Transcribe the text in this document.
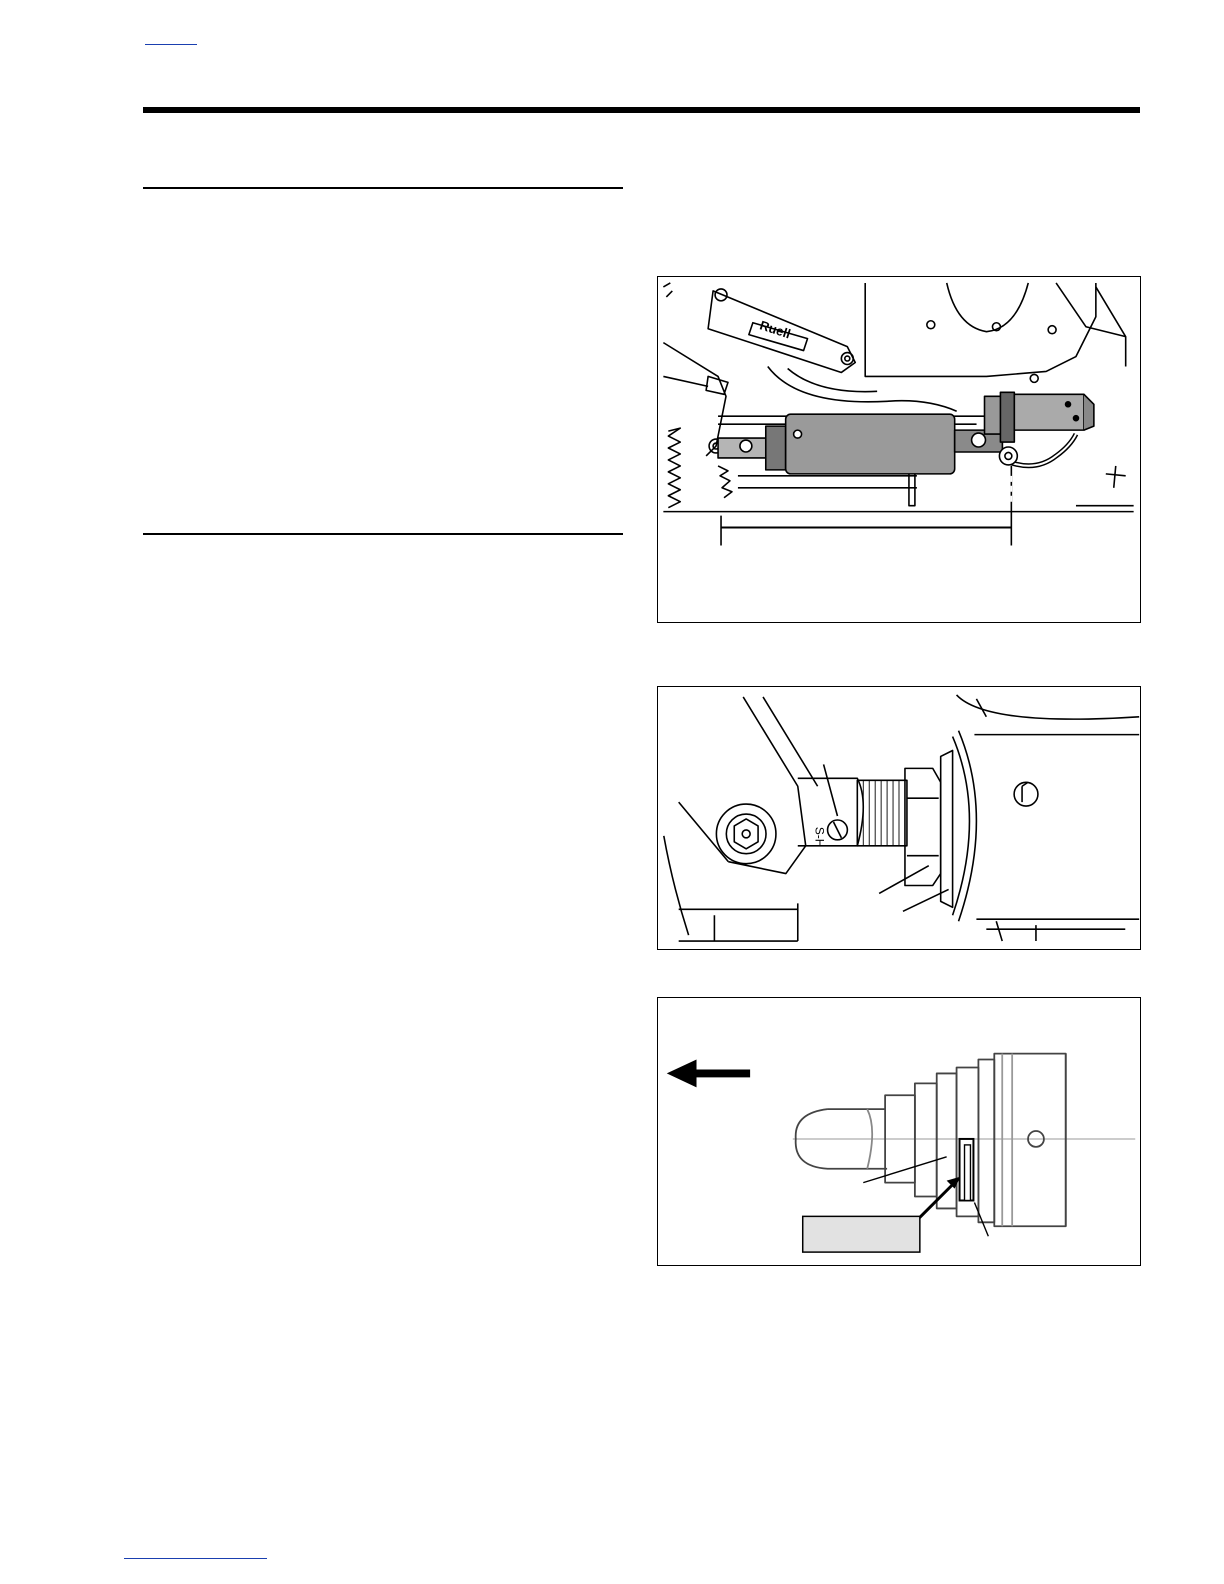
Ruell
S-H
